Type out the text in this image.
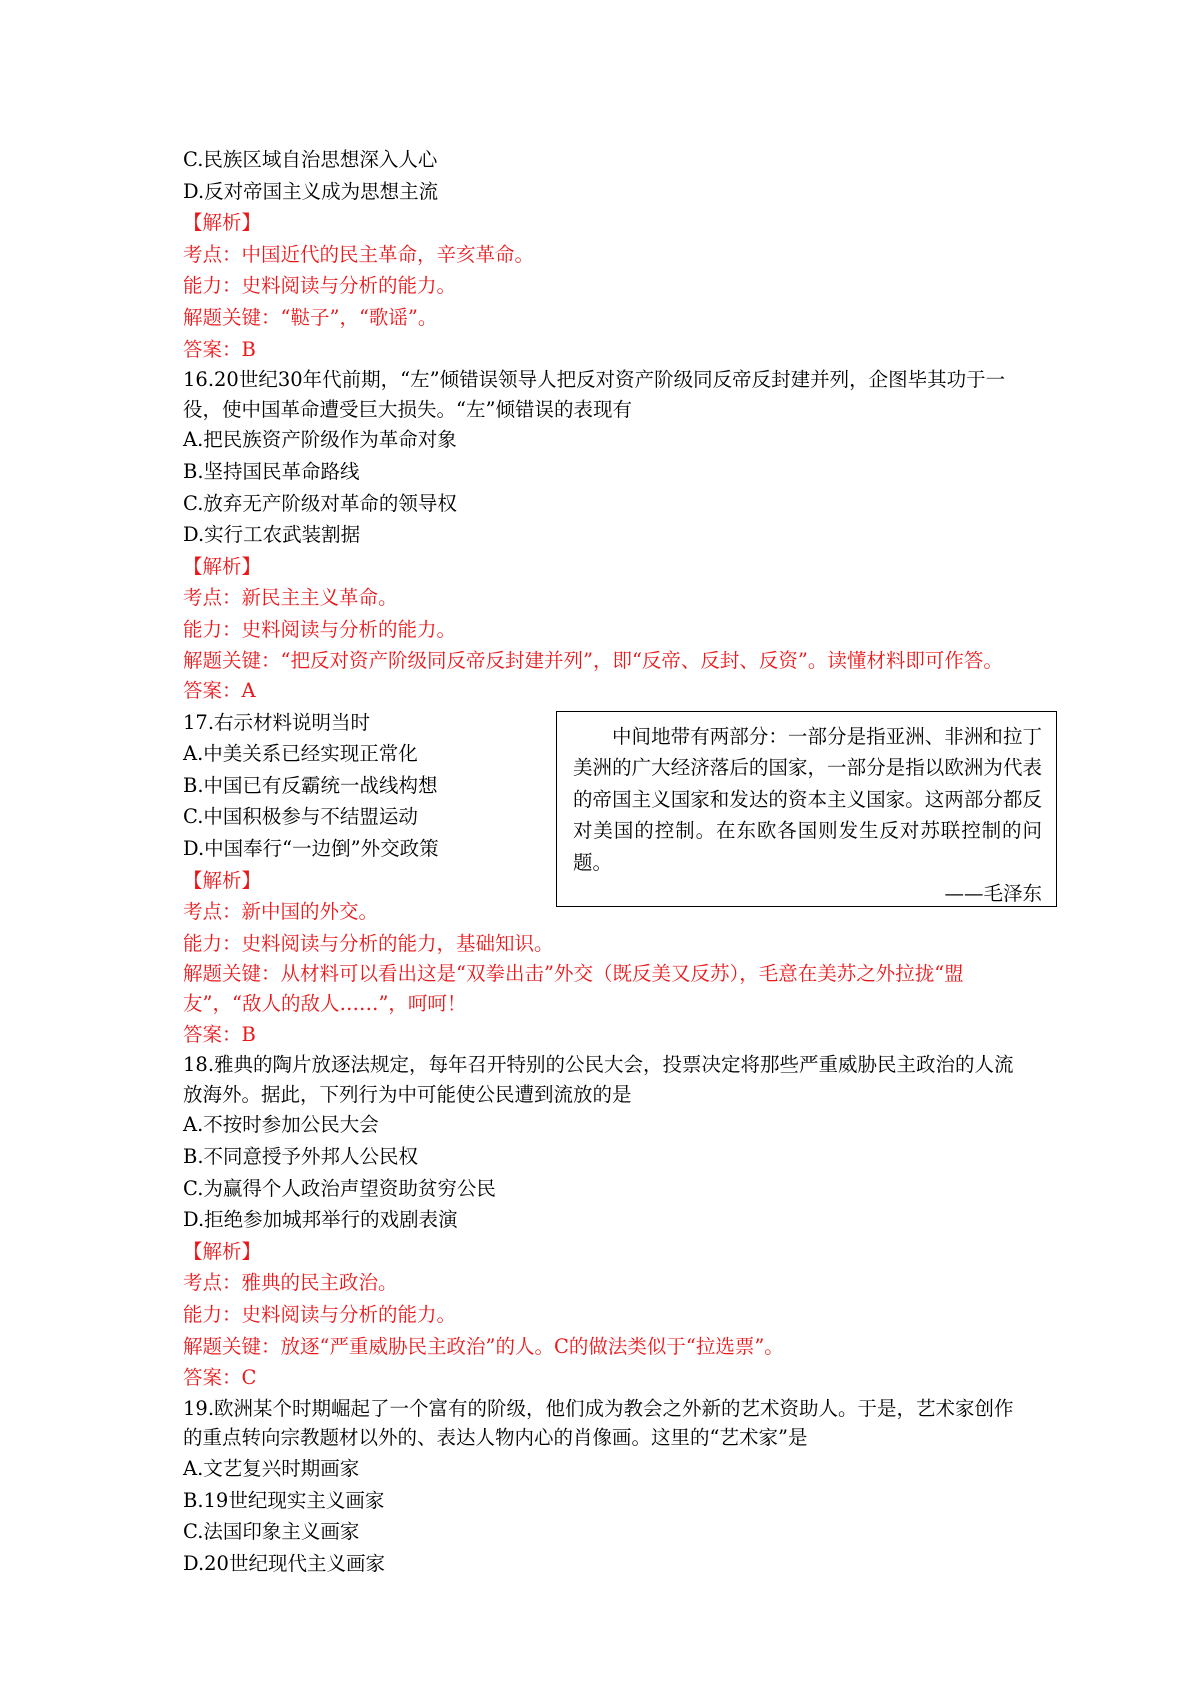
C.民族区域自治思想深入人心
D.反对帝国主义成为思想主流
【解析】
考点：中国近代的民主革命，辛亥革命。
能力：史料阅读与分析的能力。
解题关键：“鞑子”，“歌谣”。
答案：B
16.20世纪30年代前期，“左”倾错误领导人把反对资产阶级同反帝反封建并列，企图毕其功于一役，使中国革命遭受巨大损失。“左”倾错误的表现有
A.把民族资产阶级作为革命对象
B.坚持国民革命路线
C.放弃无产阶级对革命的领导权
D.实行工农武装割据
【解析】
考点：新民主主义革命。
能力：史料阅读与分析的能力。
解题关键：“把反对资产阶级同反帝反封建并列”，即“反帝、反封、反资”。读懂材料即可作答。
答案：A
17.右示材料说明当时
A.中美关系已经实现正常化
B.中国已有反霸统一战线构想
C.中国积极参与不结盟运动
D.中国奉行“一边倒”外交政策
【解析】
考点：新中国的外交。
能力：史料阅读与分析的能力，基础知识。
解题关键：从材料可以看出这是“双拳出击”外交（既反美又反苏），毛意在美苏之外拉拢“盟友”，“敌人的敌人……”，呵呵！
答案：B
中间地带有两部分：一部分是指亚洲、非洲和拉丁美洲的广大经济落后的国家，一部分是指以欧洲为代表的帝国主义国家和发达的资本主义国家。这两部分都反对美国的控制。在东欧各国则发生反对苏联控制的问题。
——毛泽东
18.雅典的陶片放逐法规定，每年召开特别的公民大会，投票决定将那些严重威胁民主政治的人流放海外。据此，下列行为中可能使公民遭到流放的是
A.不按时参加公民大会
B.不同意授予外邦人公民权
C.为赢得个人政治声望资助贫穷公民
D.拒绝参加城邦举行的戏剧表演
【解析】
考点：雅典的民主政治。
能力：史料阅读与分析的能力。
解题关键：放逐“严重威胁民主政治”的人。C的做法类似于“拉选票”。
答案：C
19.欧洲某个时期崛起了一个富有的阶级，他们成为教会之外新的艺术资助人。于是，艺术家创作的重点转向宗教题材以外的、表达人物内心的肖像画。这里的“艺术家”是
A.文艺复兴时期画家
B.19世纪现实主义画家
C.法国印象主义画家
D.20世纪现代主义画家
